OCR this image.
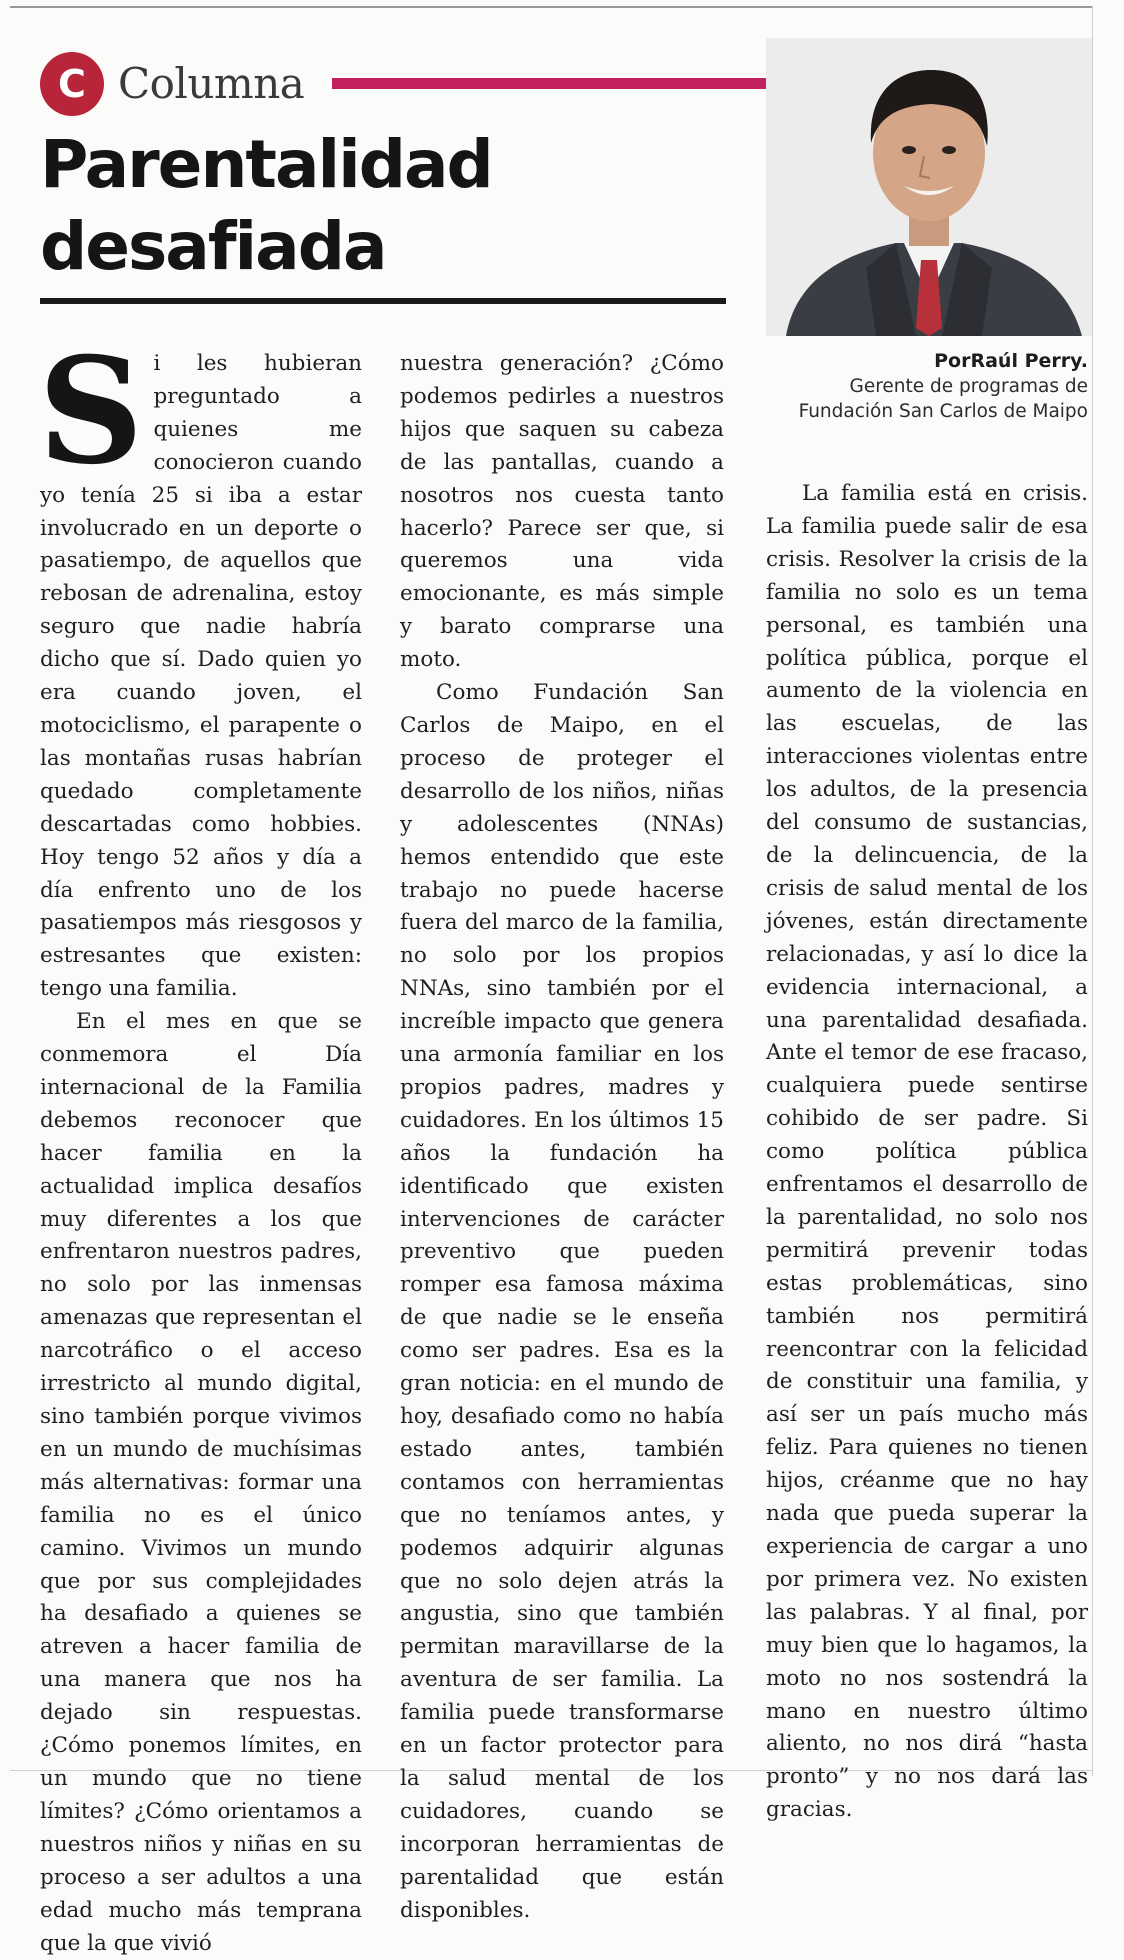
C Columna
Parentalidad desafiada
PorRaúl Perry.
Gerente de programas de
Fundación San Carlos de Maipo

Si les hubieran preguntado a quienes me conocieron cuando yo tenía 25 si iba a estar involucrado en un deporte o pasatiempo, de aquellos que rebosan de adrenalina, estoy seguro que nadie habría dicho que sí. Dado quien yo era cuando joven, el motociclismo, el parapente o las montañas rusas habrían quedado completamente descartadas como hobbies. Hoy tengo 52 años y día a día enfrento uno de los pasatiempos más riesgosos y estresantes que existen: tengo una familia.

En el mes en que se conmemora el Día internacional de la Familia debemos reconocer que hacer familia en la actualidad implica desafíos muy diferentes a los que enfrentaron nuestros padres, no solo por las inmensas amenazas que representan el narcotráfico o el acceso irrestricto al mundo digital, sino también porque vivimos en un mundo de muchísimas más alternativas: formar una familia no es el único camino. Vivimos un mundo que por sus complejidades ha desafiado a quienes se atreven a hacer familia de una manera que nos ha dejado sin respuestas. ¿Cómo ponemos límites, en un mundo que no tiene límites? ¿Cómo orientamos a nuestros niños y niñas en su proceso a ser adultos a una edad mucho más temprana que la que vivió

nuestra generación? ¿Cómo podemos pedirles a nuestros hijos que saquen su cabeza de las pantallas, cuando a nosotros nos cuesta tanto hacerlo? Parece ser que, si queremos una vida emocionante, es más simple y barato comprarse una moto.

Como Fundación San Carlos de Maipo, en el proceso de proteger el desarrollo de los niños, niñas y adolescentes (NNAs) hemos entendido que este trabajo no puede hacerse fuera del marco de la familia, no solo por los propios NNAs, sino también por el increíble impacto que genera una armonía familiar en los propios padres, madres y cuidadores. En los últimos 15 años la fundación ha identificado que existen intervenciones de carácter preventivo que pueden romper esa famosa máxima de que nadie se le enseña como ser padres. Esa es la gran noticia: en el mundo de hoy, desafiado como no había estado antes, también contamos con herramientas que no teníamos antes, y podemos adquirir algunas que no solo dejen atrás la angustia, sino que también permitan maravillarse de la aventura de ser familia. La familia puede transformarse en un factor protector para la salud mental de los cuidadores, cuando se incorporan herramientas de parentalidad que están disponibles.

La familia está en crisis. La familia puede salir de esa crisis. Resolver la crisis de la familia no solo es un tema personal, es también una política pública, porque el aumento de la violencia en las escuelas, de las interacciones violentas entre los adultos, de la presencia del consumo de sustancias, de la delincuencia, de la crisis de salud mental de los jóvenes, están directamente relacionadas, y así lo dice la evidencia internacional, a una parentalidad desafiada. Ante el temor de ese fracaso, cualquiera puede sentirse cohibido de ser padre. Si como política pública enfrentamos el desarrollo de la parentalidad, no solo nos permitirá prevenir todas estas problemáticas, sino también nos permitirá reencontrar con la felicidad de constituir una familia, y así ser un país mucho más feliz. Para quienes no tienen hijos, créanme que no hay nada que pueda superar la experiencia de cargar a uno por primera vez. No existen las palabras. Y al final, por muy bien que lo hagamos, la moto no nos sostendrá la mano en nuestro último aliento, no nos dirá “hasta pronto” y no nos dará las gracias.
